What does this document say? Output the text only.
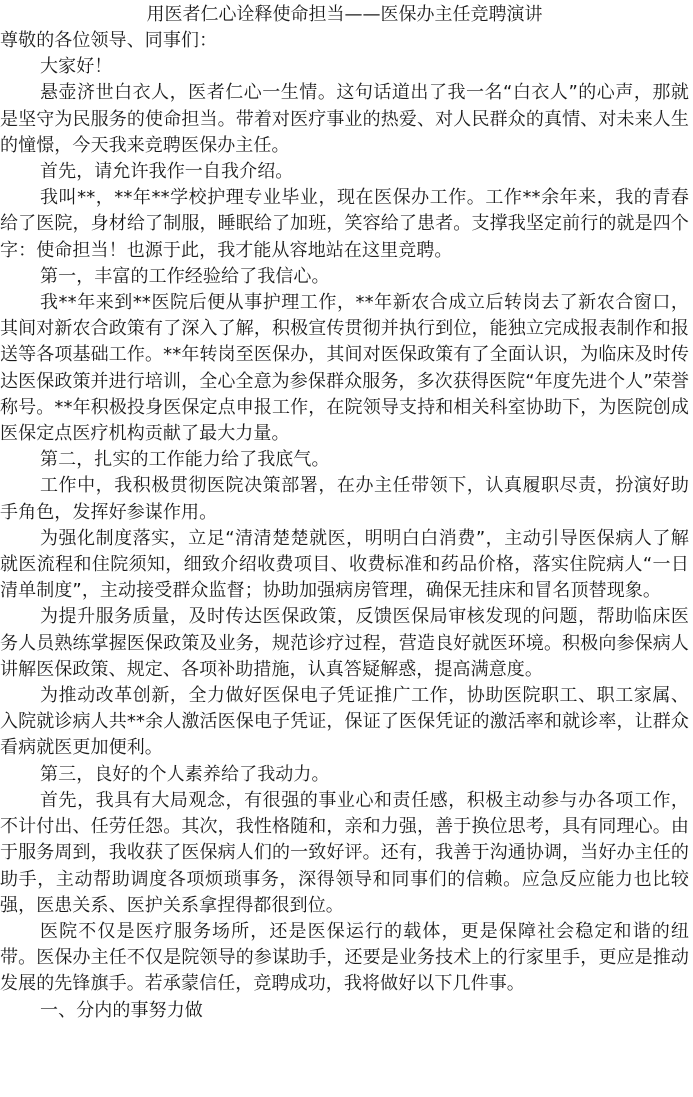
用医者仁心诠释使命担当——医保办主任竞聘演讲

尊敬的各位领导、同事们：

大家好！

悬壶济世白衣人，医者仁心一生情。这句话道出了我一名“白衣人”的心声，那就是坚守为民服务的使命担当。带着对医疗事业的热爱、对人民群众的真情、对未来人生的憧憬，今天我来竞聘医保办主任。

首先，请允许我作一自我介绍。

我叫**，**年**学校护理专业毕业，现在医保办工作。工作**余年来，我的青春给了医院，身材给了制服，睡眠给了加班，笑容给了患者。支撑我坚定前行的就是四个字：使命担当！也源于此，我才能从容地站在这里竞聘。

第一，丰富的工作经验给了我信心。

我**年来到**医院后便从事护理工作，**年新农合成立后转岗去了新农合窗口，其间对新农合政策有了深入了解，积极宣传贯彻并执行到位，能独立完成报表制作和报送等各项基础工作。**年转岗至医保办，其间对医保政策有了全面认识，为临床及时传达医保政策并进行培训，全心全意为参保群众服务，多次获得医院“年度先进个人”荣誉称号。**年积极投身医保定点申报工作，在院领导支持和相关科室协助下，为医院创成医保定点医疗机构贡献了最大力量。

第二，扎实的工作能力给了我底气。

工作中，我积极贯彻医院决策部署，在办主任带领下，认真履职尽责，扮演好助手角色，发挥好参谋作用。

为强化制度落实，立足“清清楚楚就医，明明白白消费”，主动引导医保病人了解就医流程和住院须知，细致介绍收费项目、收费标准和药品价格，落实住院病人“一日清单制度”，主动接受群众监督；协助加强病房管理，确保无挂床和冒名顶替现象。

为提升服务质量，及时传达医保政策，反馈医保局审核发现的问题，帮助临床医务人员熟练掌握医保政策及业务，规范诊疗过程，营造良好就医环境。积极向参保病人讲解医保政策、规定、各项补助措施，认真答疑解惑，提高满意度。

为推动改革创新，全力做好医保电子凭证推广工作，协助医院职工、职工家属、入院就诊病人共**余人激活医保电子凭证，保证了医保凭证的激活率和就诊率，让群众看病就医更加便利。

第三，良好的个人素养给了我动力。

首先，我具有大局观念，有很强的事业心和责任感，积极主动参与办各项工作，不计付出、任劳任怨。其次，我性格随和，亲和力强，善于换位思考，具有同理心。由于服务周到，我收获了医保病人们的一致好评。还有，我善于沟通协调，当好办主任的助手，主动帮助调度各项烦琐事务，深得领导和同事们的信赖。应急反应能力也比较强，医患关系、医护关系拿捏得都很到位。

医院不仅是医疗服务场所，还是医保运行的载体，更是保障社会稳定和谐的纽带。医保办主任不仅是院领导的参谋助手，还要是业务技术上的行家里手，更应是推动发展的先锋旗手。若承蒙信任，竞聘成功，我将做好以下几件事。

一、分内的事努力做
